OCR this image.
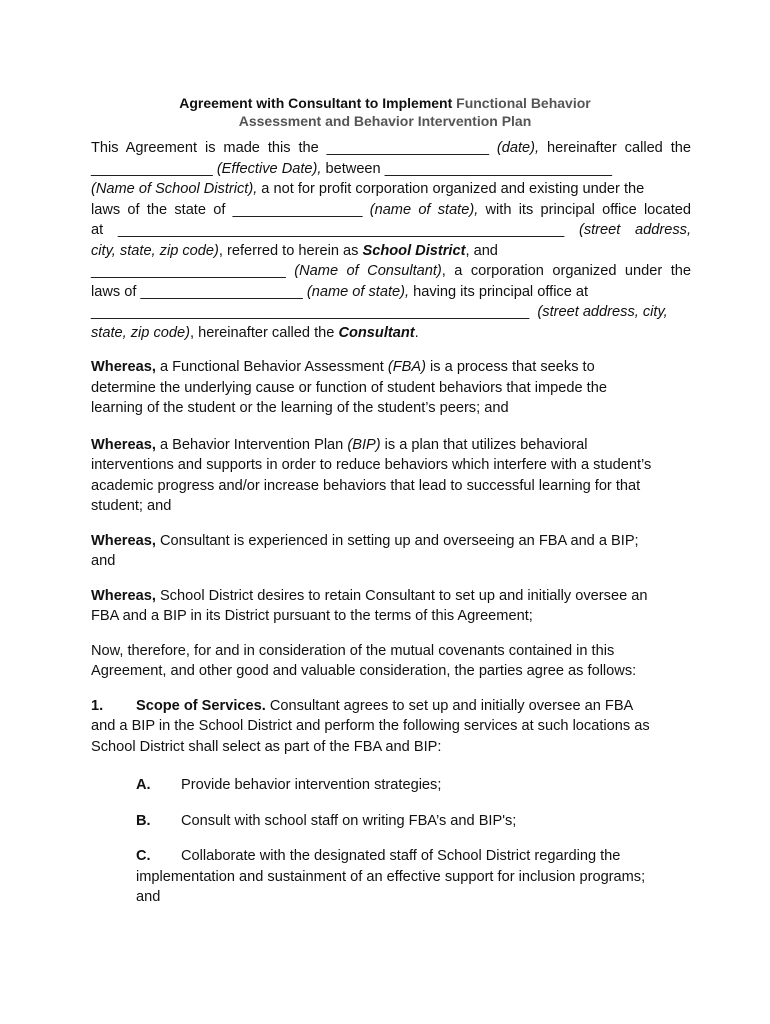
Agreement with Consultant to Implement Functional Behavior
Assessment and Behavior Intervention Plan
This Agreement is made this the ____________________ (date), hereinafter called the
_______________ (Effective Date), between ____________________________
(Name of School District), a not for profit corporation organized and existing under the
laws of the state of ________________ (name of state), with its principal office located
at _______________________________________________________ (street address,
city, state, zip code), referred to herein as School District, and
________________________ (Name of Consultant), a corporation organized under the
laws of ____________________ (name of state), having its principal office at
______________________________________________________  (street address, city,
state, zip code), hereinafter called the Consultant.
Whereas, a Functional Behavior Assessment (FBA) is a process that seeks to
determine the underlying cause or function of student behaviors that impede the
learning of the student or the learning of the student’s peers; and
Whereas, a Behavior Intervention Plan (BIP) is a plan that utilizes behavioral
interventions and supports in order to reduce behaviors which interfere with a student’s
academic progress and/or increase behaviors that lead to successful learning for that
student; and
Whereas, Consultant is experienced in setting up and overseeing an FBA and a BIP;
and
Whereas, School District desires to retain Consultant to set up and initially oversee an
FBA and a BIP in its District pursuant to the terms of this Agreement;
Now, therefore, for and in consideration of the mutual covenants contained in this
Agreement, and other good and valuable consideration, the parties agree as follows:
1. Scope of Services. Consultant agrees to set up and initially oversee an FBA
and a BIP in the School District and perform the following services at such locations as
School District shall select as part of the FBA and BIP:
A. Provide behavior intervention strategies;
B. Consult with school staff on writing FBA’s and BIP's;
C. Collaborate with the designated staff of School District regarding the
implementation and sustainment of an effective support for inclusion programs;
and
